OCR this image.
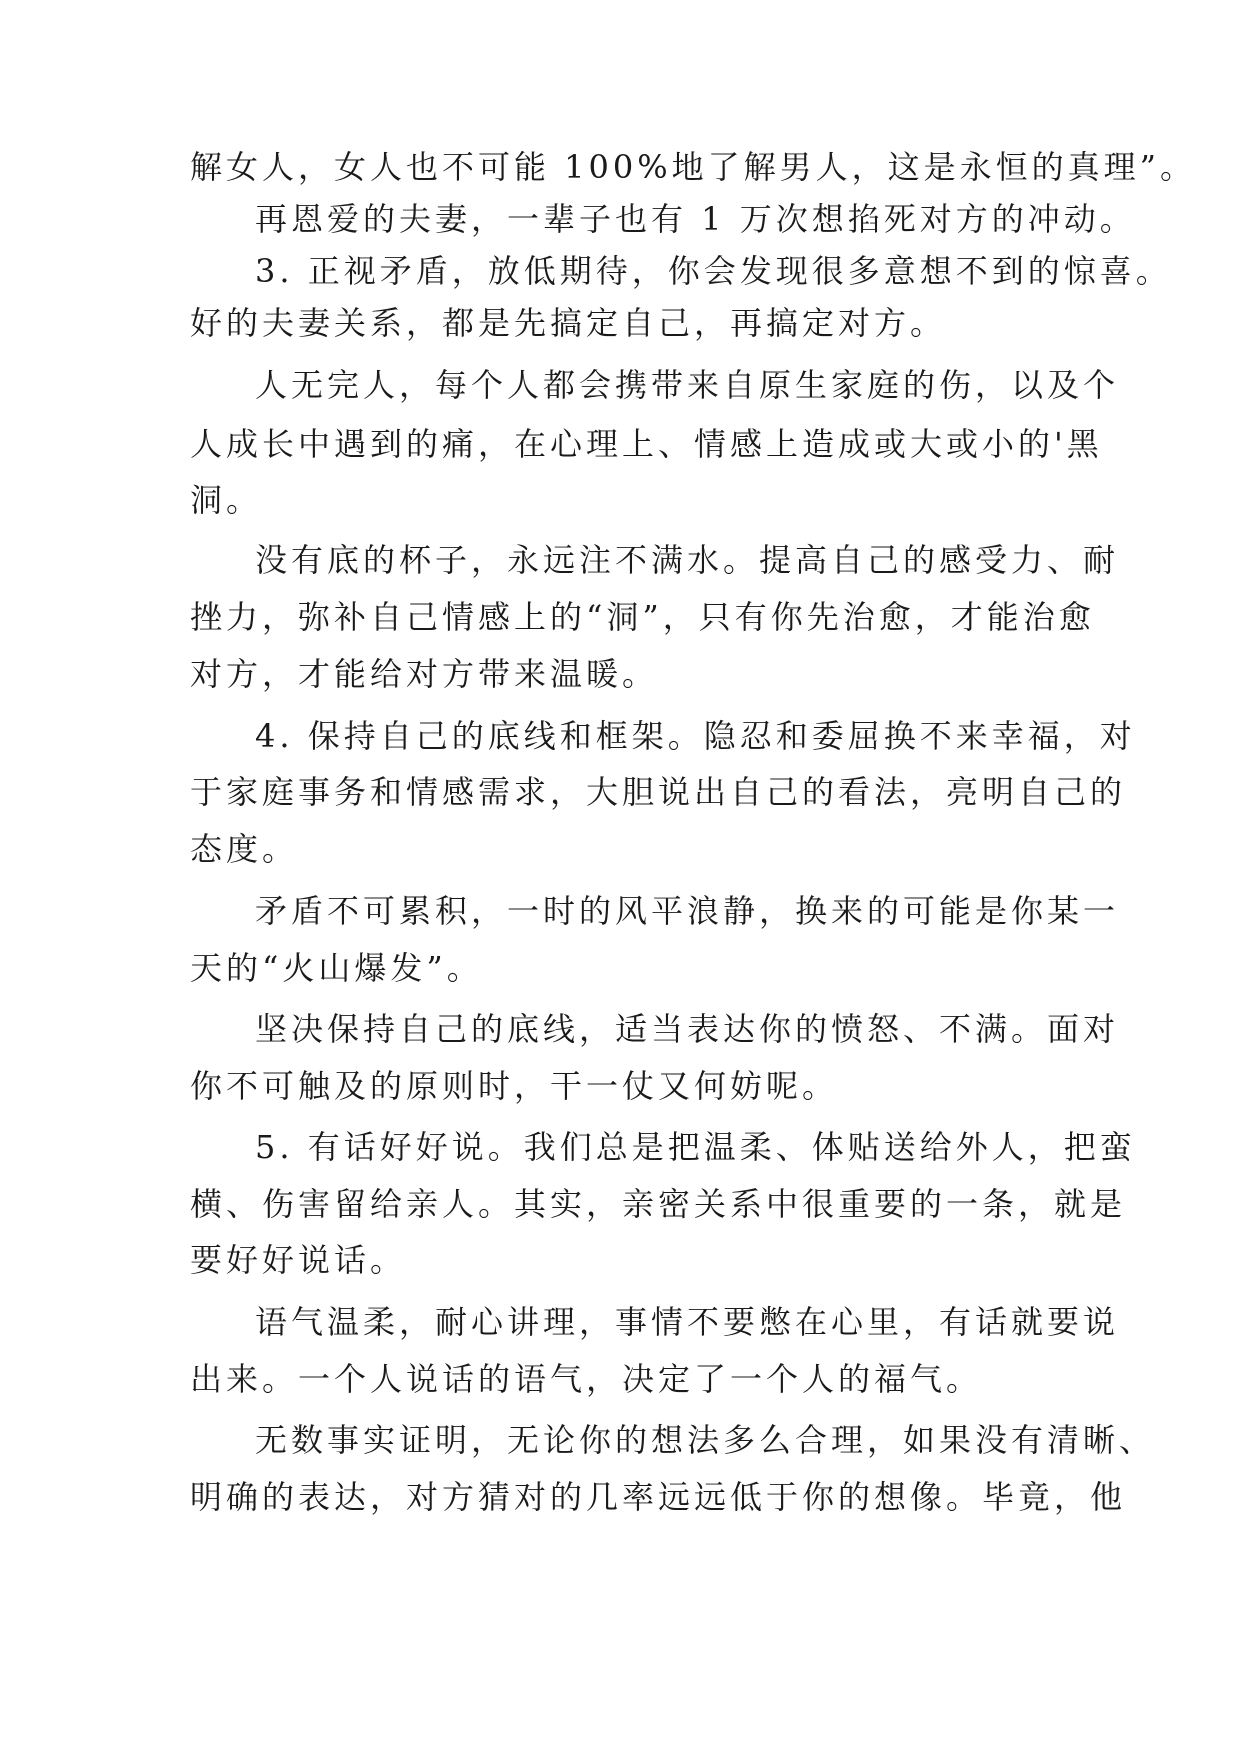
解女人，女人也不可能 100%地了解男人，这是永恒的真理”。
再恩爱的夫妻，一辈子也有 1 万次想掐死对方的冲动。
3. 正视矛盾，放低期待，你会发现很多意想不到的惊喜。
好的夫妻关系，都是先搞定自己，再搞定对方。
人无完人，每个人都会携带来自原生家庭的伤，以及个
人成长中遇到的痛，在心理上、情感上造成或大或小的'黑
洞。
没有底的杯子，永远注不满水。提高自己的感受力、耐
挫力，弥补自己情感上的“洞”，只有你先治愈，才能治愈
对方，才能给对方带来温暖。
4. 保持自己的底线和框架。隐忍和委屈换不来幸福，对
于家庭事务和情感需求，大胆说出自己的看法，亮明自己的
态度。
矛盾不可累积，一时的风平浪静，换来的可能是你某一
天的“火山爆发”。
坚决保持自己的底线，适当表达你的愤怒、不满。面对
你不可触及的原则时，干一仗又何妨呢。
5. 有话好好说。我们总是把温柔、体贴送给外人，把蛮
横、伤害留给亲人。其实，亲密关系中很重要的一条，就是
要好好说话。
语气温柔，耐心讲理，事情不要憋在心里，有话就要说
出来。一个人说话的语气，决定了一个人的福气。
无数事实证明，无论你的想法多么合理，如果没有清晰、
明确的表达，对方猜对的几率远远低于你的想像。毕竟，他
